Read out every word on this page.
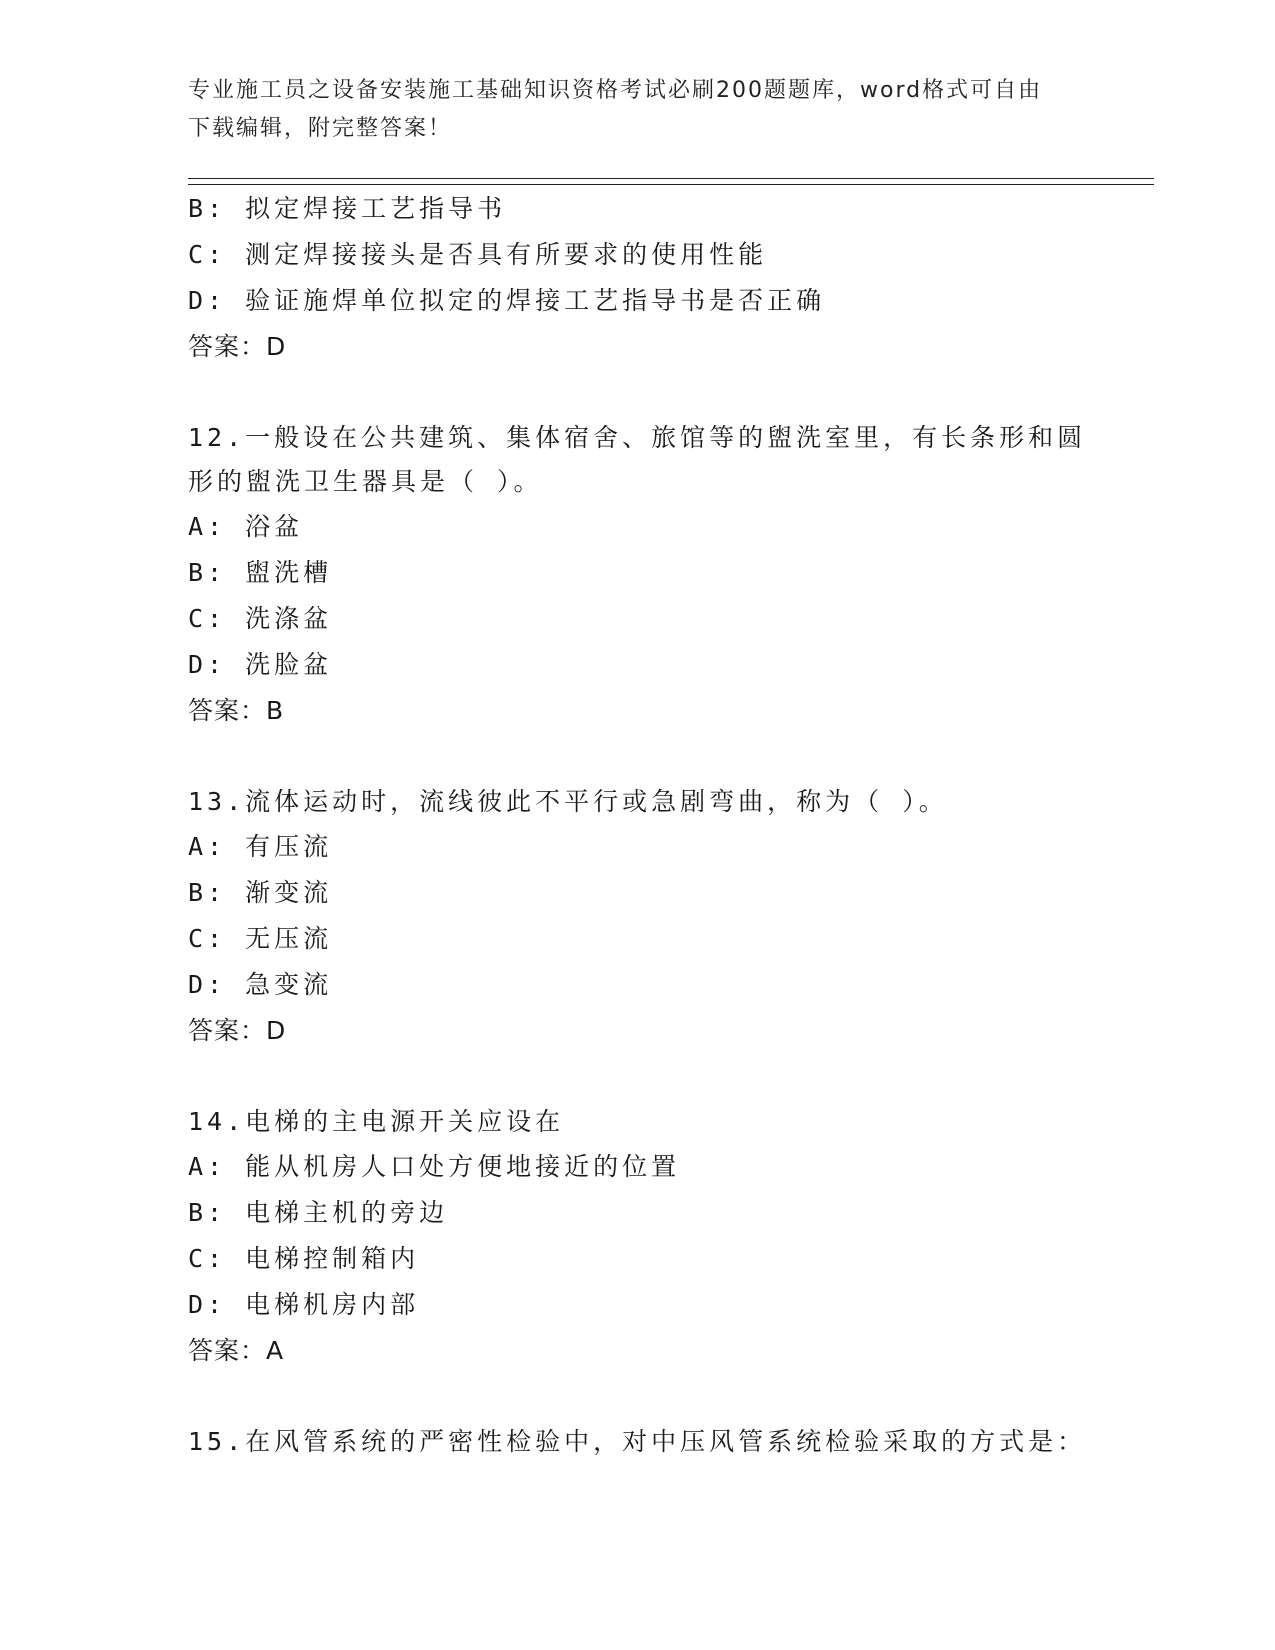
专业施工员之设备安装施工基础知识资格考试必刷200题题库，word格式可自由
下载编辑，附完整答案！

B: 拟定焊接工艺指导书

C: 测定焊接接头是否具有所要求的使用性能

D: 验证施焊单位拟定的焊接工艺指导书是否正确

答案：D

12.一般设在公共建筑、集体宿舍、旅馆等的盥洗室里，有长条形和圆

形的盥洗卫生器具是（ ）。

A: 浴盆

B: 盥洗槽

C: 洗涤盆

D: 洗脸盆

答案：B

13.流体运动时，流线彼此不平行或急剧弯曲，称为（ ）。

A: 有压流

B: 渐变流

C: 无压流

D: 急变流

答案：D

14.电梯的主电源开关应设在

A: 能从机房人口处方便地接近的位置

B: 电梯主机的旁边

C: 电梯控制箱内

D: 电梯机房内部

答案：A

15.在风管系统的严密性检验中，对中压风管系统检验采取的方式是：
